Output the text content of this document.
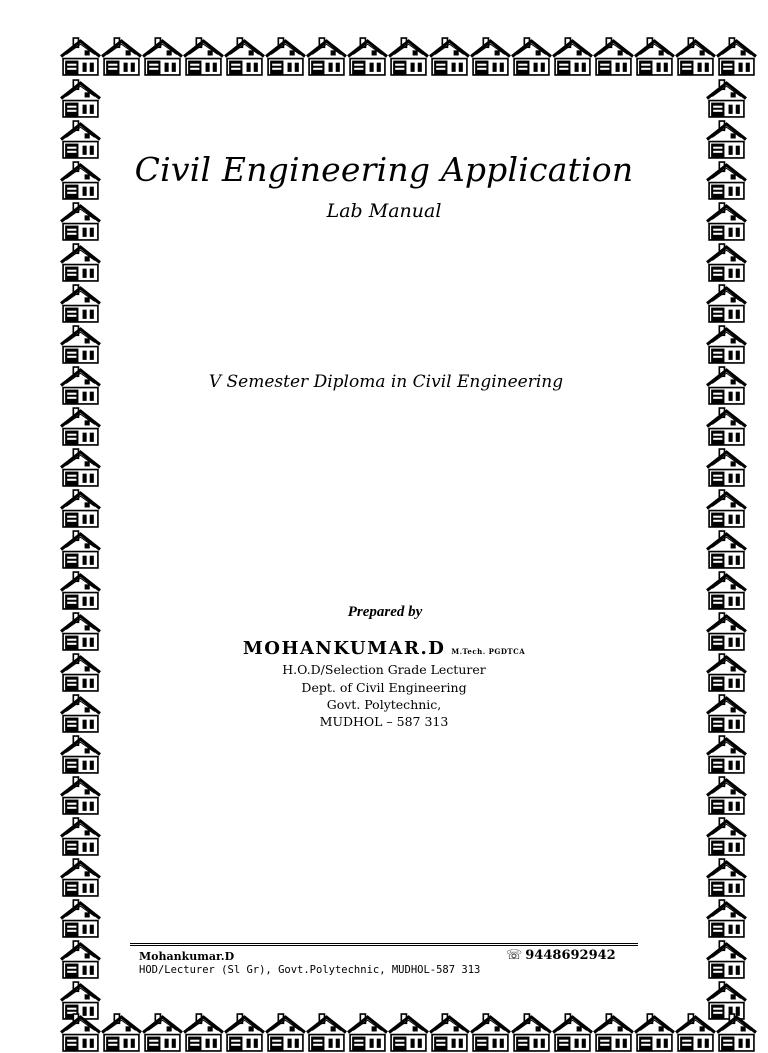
Civil Engineering Application
Lab Manual
V Semester Diploma in Civil Engineering
Prepared by
MOHANKUMAR.D M.Tech. PGDTCA
H.O.D/Selection Grade Lecturer
Dept. of Civil Engineering
Govt. Polytechnic,
MUDHOL – 587 313
Mohankumar.D	☏ 9448692942
HOD/Lecturer (Sl Gr), Govt.Polytechnic, MUDHOL-587 313
